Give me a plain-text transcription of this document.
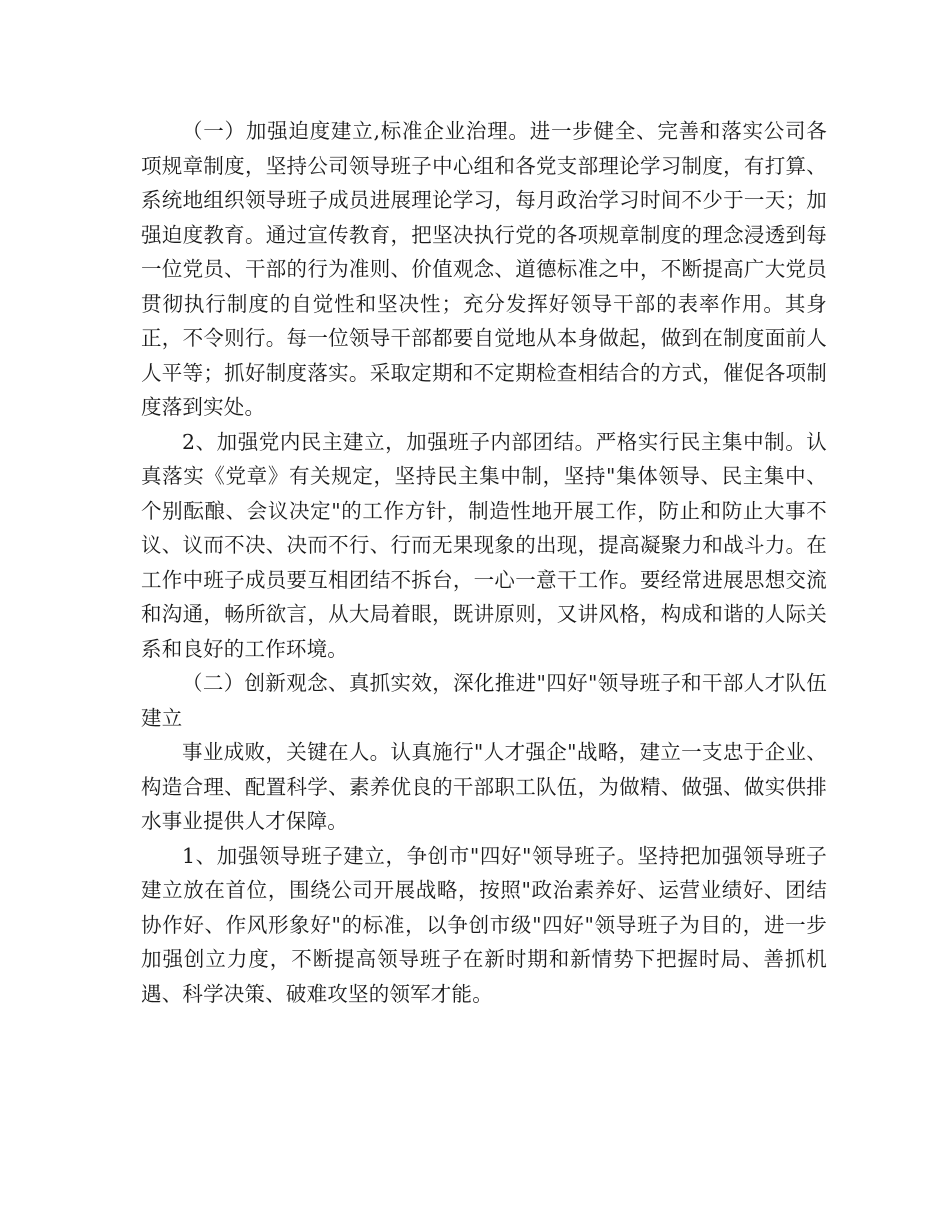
（一）加强迫度建立,标准企业治理。进一步健全、完善和落实公司各项规章制度，坚持公司领导班子中心组和各党支部理论学习制度，有打算、系统地组织领导班子成员进展理论学习，每月政治学习时间不少于一天；加强迫度教育。通过宣传教育，把坚决执行党的各项规章制度的理念浸透到每一位党员、干部的行为准则、价值观念、道德标准之中，不断提高广大党员贯彻执行制度的自觉性和坚决性；充分发挥好领导干部的表率作用。其身正，不令则行。每一位领导干部都要自觉地从本身做起，做到在制度面前人人平等；抓好制度落实。采取定期和不定期检查相结合的方式，催促各项制度落到实处。

2、加强党内民主建立，加强班子内部团结。严格实行民主集中制。认真落实《党章》有关规定，坚持民主集中制，坚持"集体领导、民主集中、个别酝酿、会议决定"的工作方针，制造性地开展工作，防止和防止大事不议、议而不决、决而不行、行而无果现象的出现，提高凝聚力和战斗力。在工作中班子成员要互相团结不拆台，一心一意干工作。要经常进展思想交流和沟通，畅所欲言，从大局着眼，既讲原则，又讲风格，构成和谐的人际关系和良好的工作环境。

（二）创新观念、真抓实效，深化推进"四好"领导班子和干部人才队伍建立

事业成败，关键在人。认真施行"人才强企"战略，建立一支忠于企业、构造合理、配置科学、素养优良的干部职工队伍，为做精、做强、做实供排水事业提供人才保障。

1、加强领导班子建立，争创市"四好"领导班子。坚持把加强领导班子建立放在首位，围绕公司开展战略，按照"政治素养好、运营业绩好、团结协作好、作风形象好"的标准，以争创市级"四好"领导班子为目的，进一步加强创立力度，不断提高领导班子在新时期和新情势下把握时局、善抓机遇、科学决策、破难攻坚的领军才能。
